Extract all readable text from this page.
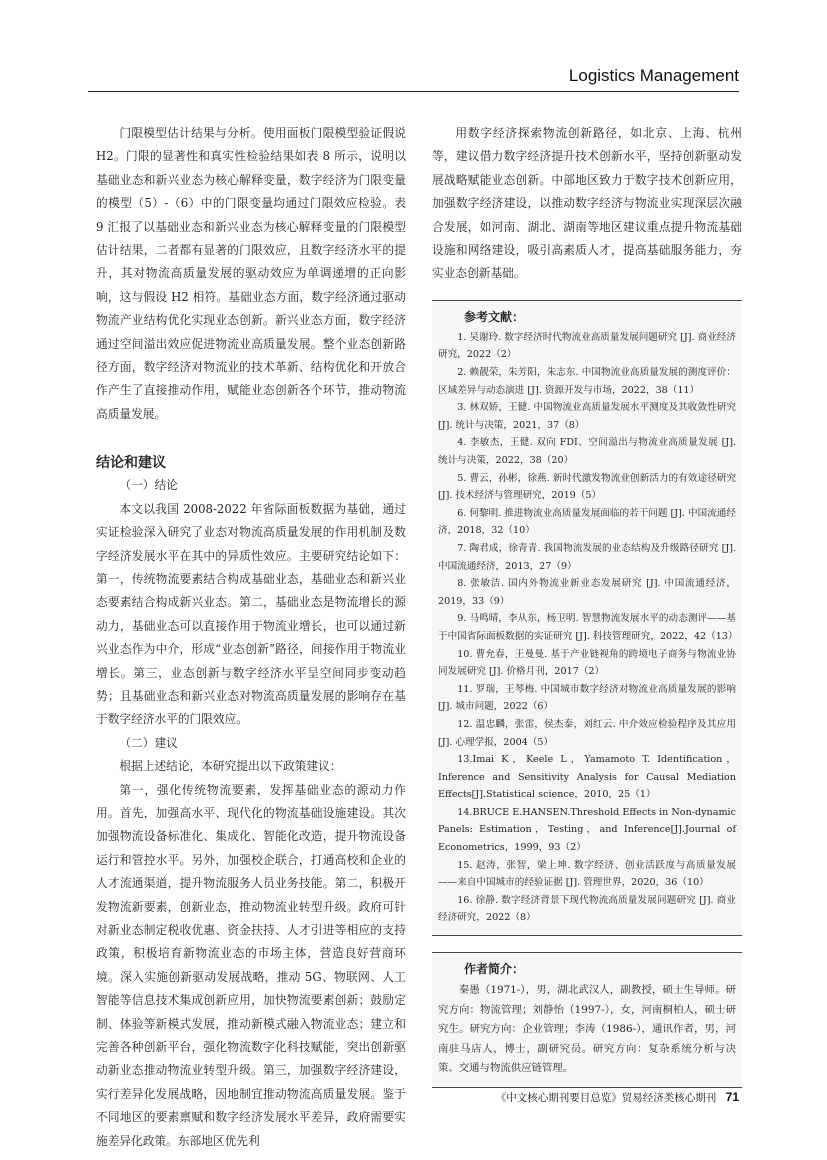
Logistics Management

门限模型估计结果与分析。使用面板门限模型验证假说 H2。门限的显著性和真实性检验结果如表 8 所示，说明以基础业态和新兴业态为核心解释变量，数字经济为门限变量的模型（5）-（6）中的门限变量均通过门限效应检验。表 9 汇报了以基础业态和新兴业态为核心解释变量的门限模型估计结果，二者都有显著的门限效应，且数字经济水平的提升，其对物流高质量发展的驱动效应为单调递增的正向影响，这与假设 H2 相符。基础业态方面，数字经济通过驱动物流产业结构优化实现业态创新。新兴业态方面，数字经济通过空间溢出效应促进物流业高质量发展。整个业态创新路径方面，数字经济对物流业的技术革新、结构优化和开放合作产生了直接推动作用，赋能业态创新各个环节，推动物流高质量发展。

结论和建议

（一）结论

本文以我国 2008-2022 年省际面板数据为基础，通过实证检验深入研究了业态对物流高质量发展的作用机制及数字经济发展水平在其中的异质性效应。主要研究结论如下：第一，传统物流要素结合构成基础业态，基础业态和新兴业态要素结合构成新兴业态。第二，基础业态是物流增长的源动力，基础业态可以直接作用于物流业增长，也可以通过新兴业态作为中介，形成“业态创新”路径，间接作用于物流业增长。第三，业态创新与数字经济水平呈空间同步变动趋势；且基础业态和新兴业态对物流高质量发展的影响存在基于数字经济水平的门限效应。

（二）建议

根据上述结论，本研究提出以下政策建议：

第一，强化传统物流要素，发挥基础业态的源动力作用。首先，加强高水平、现代化的物流基础设施建设。其次加强物流设备标准化、集成化、智能化改造，提升物流设备运行和管控水平。另外，加强校企联合，打通高校和企业的人才流通渠道，提升物流服务人员业务技能。第二，积极开发物流新要素，创新业态，推动物流业转型升级。政府可针对新业态制定税收优惠、资金扶持、人才引进等相应的支持政策，积极培育新物流业态的市场主体，营造良好营商环境。深入实施创新驱动发展战略，推动 5G、物联网、人工智能等信息技术集成创新应用，加快物流要素创新；鼓励定制、体验等新模式发展，推动新模式融入物流业态；建立和完善各种创新平台，强化物流数字化科技赋能，突出创新驱动新业态推动物流业转型升级。第三，加强数字经济建设，实行差异化发展战略，因地制宜推动物流高质量发展。鉴于不同地区的要素禀赋和数字经济发展水平差异，政府需要实施差异化政策。东部地区优先利

用数字经济探索物流创新路径，如北京、上海、杭州等，建议借力数字经济提升技术创新水平，坚持创新驱动发展战略赋能业态创新。中部地区致力于数字技术创新应用，加强数字经济建设，以推动数字经济与物流业实现深层次融合发展，如河南、湖北、湖南等地区建议重点提升物流基础设施和网络建设，吸引高素质人才，提高基础服务能力，夯实业态创新基础。

参考文献：
1. 吴谢玲. 数字经济时代物流业高质量发展问题研究 [J]. 商业经济研究，2022（2）
2. 赖靓荣，朱芳阳，朱志东. 中国物流业高质量发展的测度评价：区域差异与动态演进 [J]. 资源开发与市场，2022，38（11）
3. 林双娇，王健. 中国物流业高质量发展水平测度及其收敛性研究 [J]. 统计与决策，2021，37（8）
4. 李敏杰，王健. 双向 FDI、空间溢出与物流业高质量发展 [J]. 统计与决策，2022，38（20）
5. 曹云，孙彬，徐燕. 新时代激发物流业创新活力的有效途径研究 [J]. 技术经济与管理研究，2019（5）
6. 何黎明. 推进物流业高质量发展面临的若干问题 [J]. 中国流通经济，2018，32（10）
7. 陶君成，徐青青. 我国物流发展的业态结构及升级路径研究 [J]. 中国流通经济，2013，27（9）
8. 张敏洁. 国内外物流业新业态发展研究 [J]. 中国流通经济，2019，33（9）
9. 马鸣晴，李从东，杨卫明. 智慧物流发展水平的动态测评——基于中国省际面板数据的实证研究 [J]. 科技管理研究，2022，42（13）
10. 曹允春，王曼曼. 基于产业链视角的跨境电子商务与物流业协同发展研究 [J]. 价格月刊，2017（2）
11. 罗瑞，王琴梅. 中国城市数字经济对物流业高质量发展的影响 [J]. 城市问题，2022（6）
12. 温忠麟，张雷，侯杰泰，刘红云. 中介效应检验程序及其应用 [J]. 心理学报，2004（5）
13.Imai K，Keele L，Yamamoto T. Identification，Inference and Sensitivity Analysis for Causal Mediation Effects[J].Statistical science，2010，25（1）
14.BRUCE E.HANSEN.Threshold Effects in Non-dynamic Panels: Estimation，Testing，and Inference[J].Journal of Econometrics，1999，93（2）
15. 赵涛，张智，梁上坤. 数字经济、创业活跃度与高质量发展——来自中国城市的经验证据 [J]. 管理世界，2020，36（10）
16. 徐静. 数字经济背景下现代物流高质量发展问题研究 [J]. 商业经济研究，2022（8）
作者简介：

秦愚（1971-），男，湖北武汉人，副教授，硕士生导师。研究方向：物流管理；刘静怡（1997-），女，河南桐柏人，硕士研究生。研究方向：企业管理；李涛（1986-），通讯作者，男，河南驻马店人，博士，副研究员。研究方向：复杂系统分析与决策、交通与物流供应链管理。

《中文核心期刊要目总览》贸易经济类核心期刊 71
